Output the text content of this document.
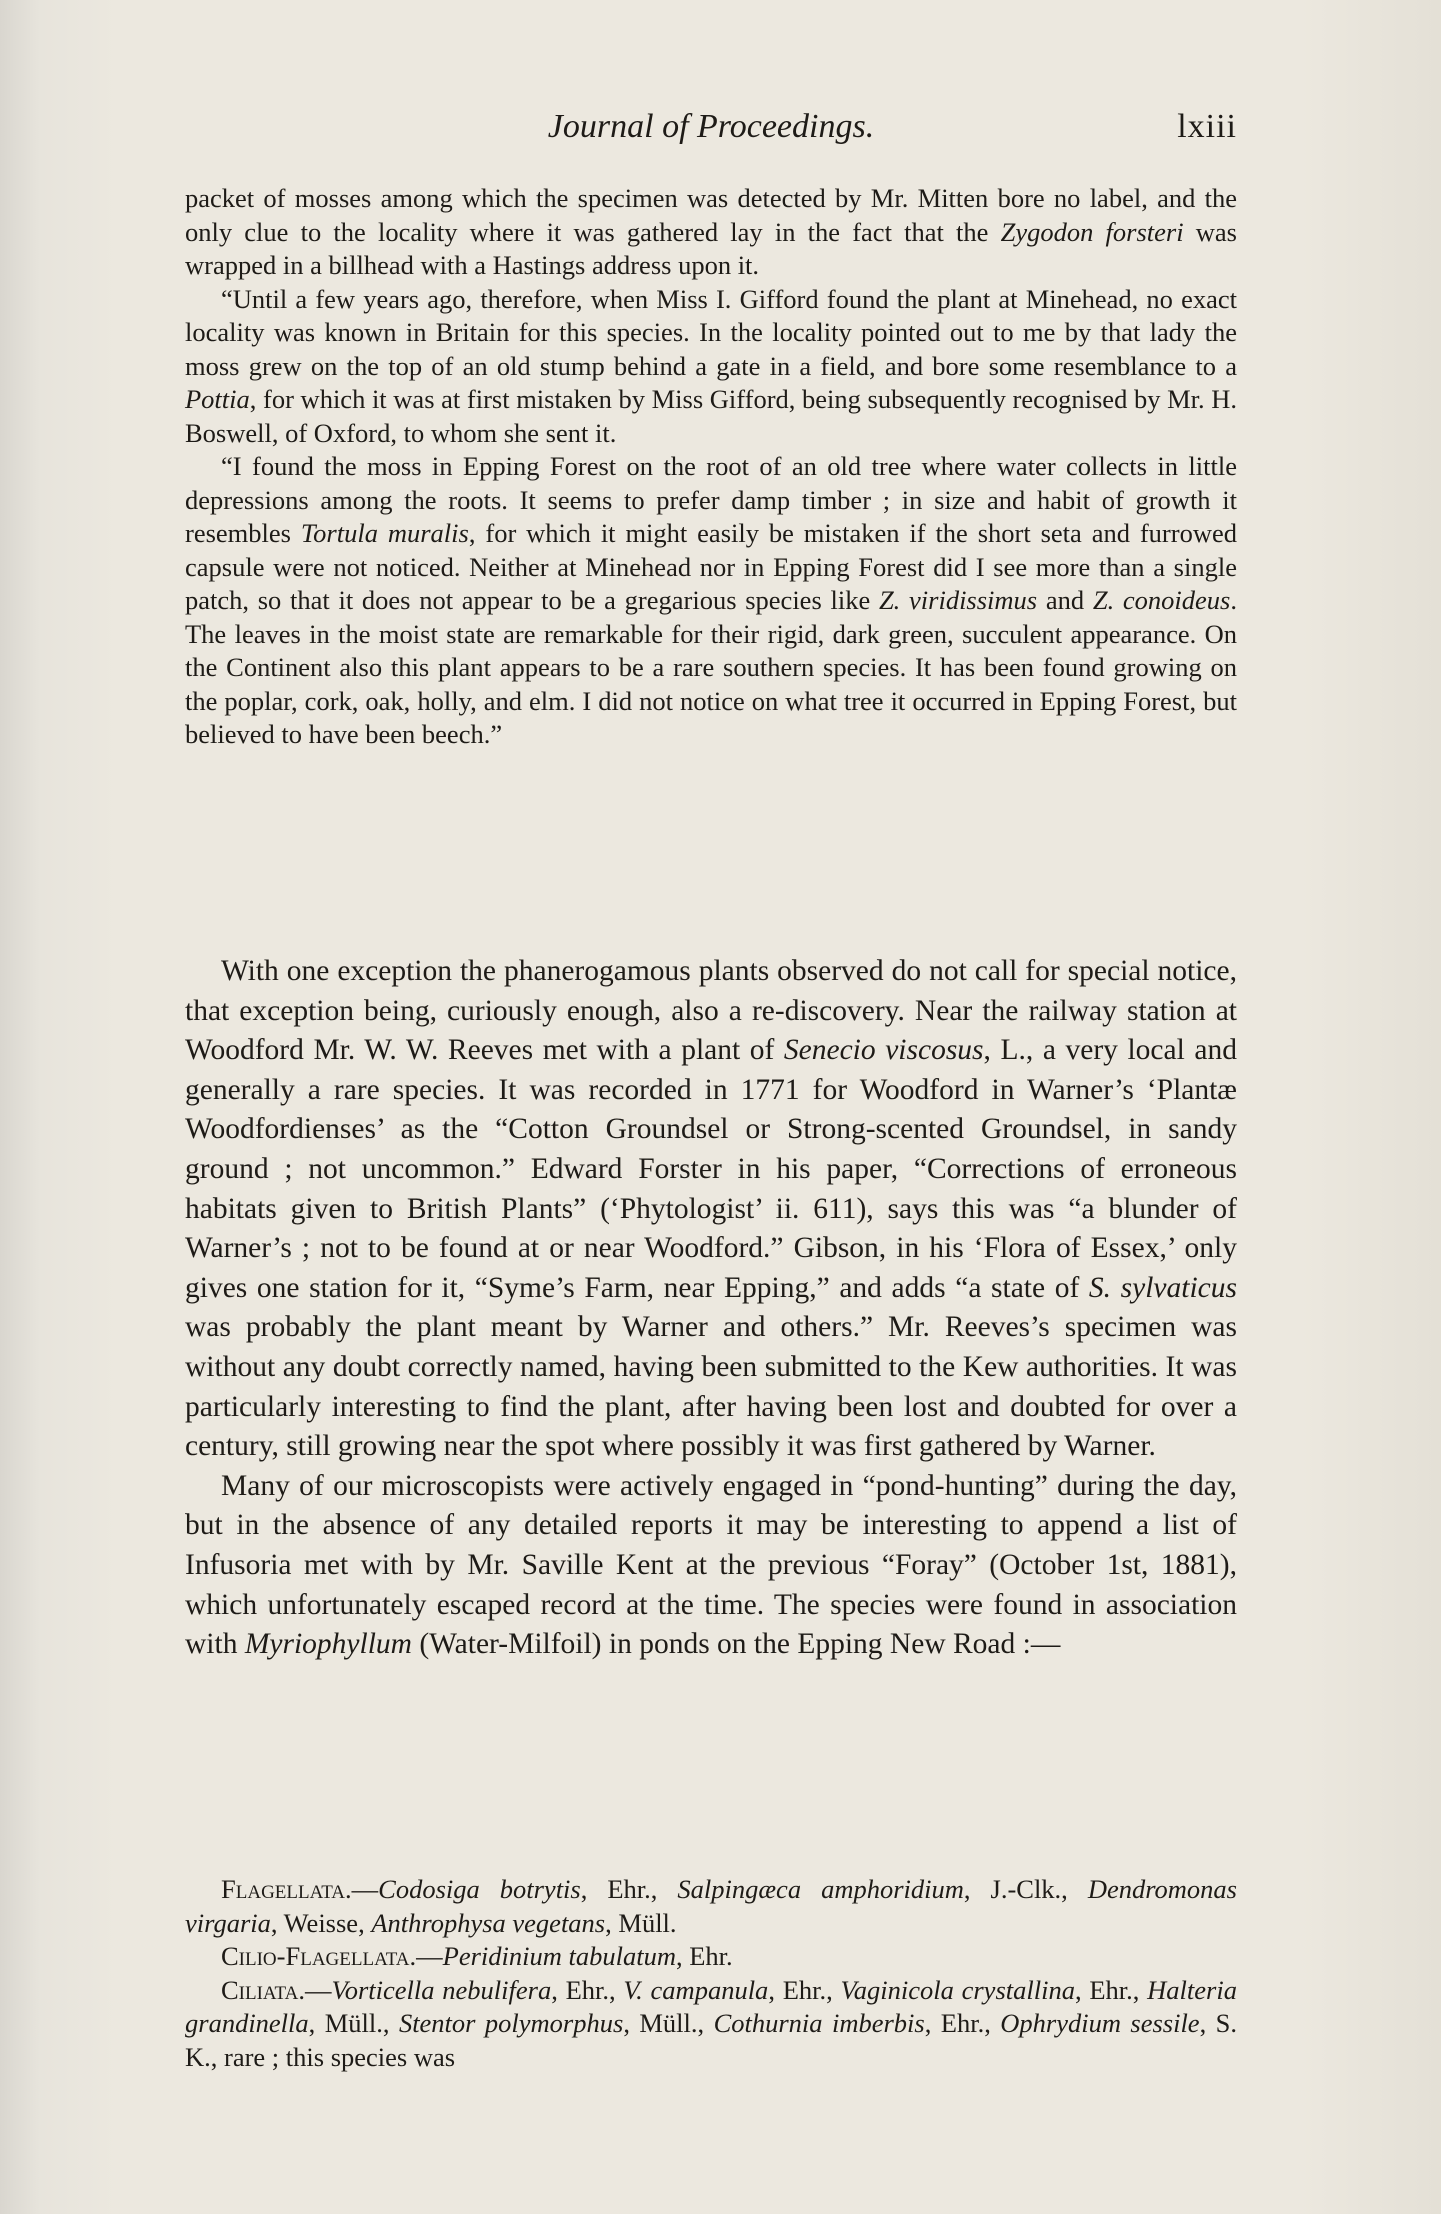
Journal of Proceedings.	lxiii

packet of mosses among which the specimen was detected by Mr. Mitten bore no label, and the only clue to the locality where it was gathered lay in the fact that the Zygodon forsteri was wrapped in a billhead with a Hastings address upon it.

“Until a few years ago, therefore, when Miss I. Gifford found the plant at Minehead, no exact locality was known in Britain for this species. In the locality pointed out to me by that lady the moss grew on the top of an old stump behind a gate in a field, and bore some resemblance to a Pottia, for which it was at first mistaken by Miss Gifford, being subsequently recognised by Mr. H. Boswell, of Oxford, to whom she sent it.

“I found the moss in Epping Forest on the root of an old tree where water collects in little depressions among the roots. It seems to prefer damp timber ; in size and habit of growth it resembles Tortula muralis, for which it might easily be mistaken if the short seta and furrowed capsule were not noticed. Neither at Minehead nor in Epping Forest did I see more than a single patch, so that it does not appear to be a gregarious species like Z. viridissimus and Z. conoideus. The leaves in the moist state are remarkable for their rigid, dark green, succulent appearance. On the Continent also this plant appears to be a rare southern species. It has been found growing on the poplar, cork, oak, holly, and elm. I did not notice on what tree it occurred in Epping Forest, but believed to have been beech.”

With one exception the phanerogamous plants observed do not call for special notice, that exception being, curiously enough, also a re-discovery. Near the railway station at Woodford Mr. W. W. Reeves met with a plant of Senecio viscosus, L., a very local and generally a rare species. It was recorded in 1771 for Woodford in Warner’s ‘Plantæ Woodfordienses’ as the “Cotton Groundsel or Strong-scented Groundsel, in sandy ground ; not uncommon.” Edward Forster in his paper, “Corrections of erroneous habitats given to British Plants” (‘Phytologist’ ii. 611), says this was “a blunder of Warner’s ; not to be found at or near Woodford.” Gibson, in his ‘Flora of Essex,’ only gives one station for it, “Syme’s Farm, near Epping,” and adds “a state of S. sylvaticus was probably the plant meant by Warner and others.” Mr. Reeves’s specimen was without any doubt correctly named, having been submitted to the Kew authorities. It was particularly interesting to find the plant, after having been lost and doubted for over a century, still growing near the spot where possibly it was first gathered by Warner.

Many of our microscopists were actively engaged in “pond-hunting” during the day, but in the absence of any detailed reports it may be interesting to append a list of Infusoria met with by Mr. Saville Kent at the previous “Foray” (October 1st, 1881), which unfortunately escaped record at the time. The species were found in association with Myriophyllum (Water-Milfoil) in ponds on the Epping New Road :—

Flagellata.—Codosiga botrytis, Ehr., Salpingæca amphoridium, J.-Clk., Dendromonas virgaria, Weisse, Anthrophysa vegetans, Müll.

Cilio-Flagellata.—Peridinium tabulatum, Ehr.

Ciliata.—Vorticella nebulifera, Ehr., V. campanula, Ehr., Vaginicola crystallina, Ehr., Halteria grandinella, Müll., Stentor polymorphus, Müll., Cothurnia imberbis, Ehr., Ophrydium sessile, S. K., rare ; this species was
